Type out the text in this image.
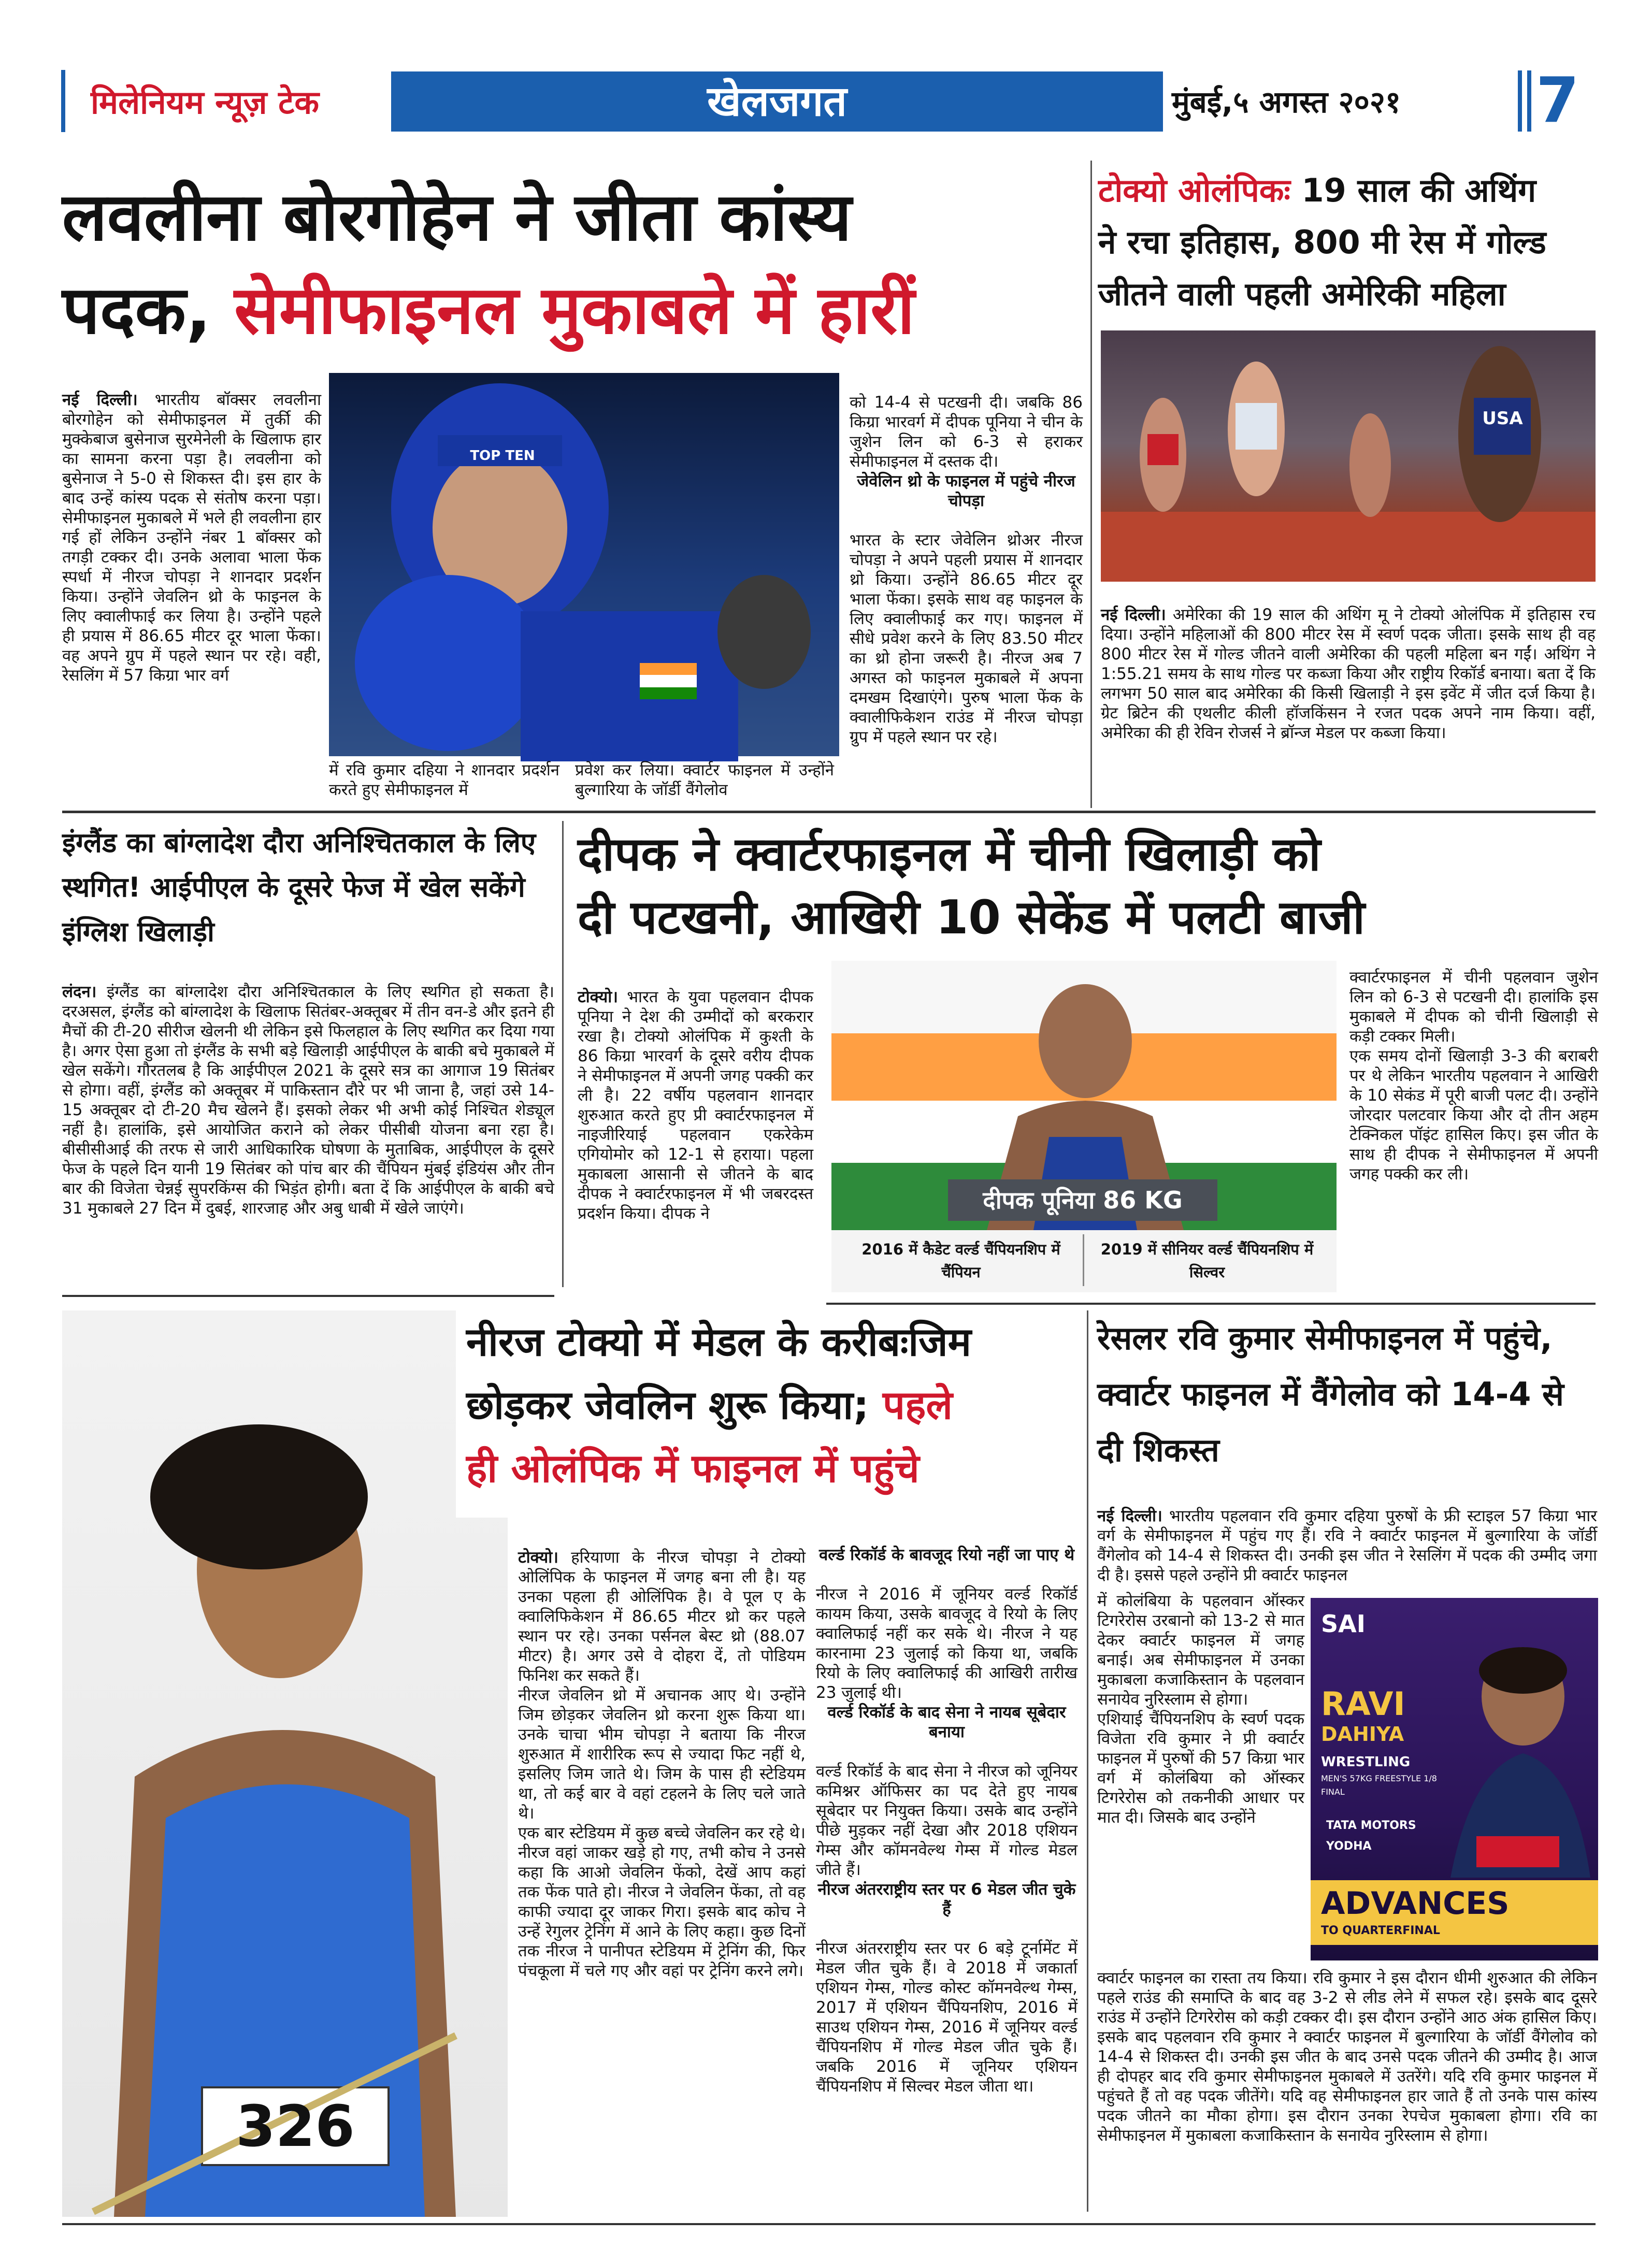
मिलेनियम न्यूज़ टेक	खेलजगत	मुंबई,५ अगस्त २०२१	7
लवलीना बोरगोहेन ने जीता कांस्य
पदक, सेमीफाइनल मुकाबले में हारीं

नई दिल्ली। भारतीय बॉक्सर लवलीना बोरगोहेन को सेमीफाइनल में तुर्की की मुक्केबाज बुसेनाज सुरमेनेली के खिलाफ हार का सामना करना पड़ा है। लवलीना को बुसेनाज ने 5-0 से शिकस्त दी। इस हार के बाद उन्हें कांस्य पदक से संतोष करना पड़ा। सेमीफाइनल मुकाबले में भले ही लवलीना हार गई हों लेकिन उन्होंने नंबर 1 बॉक्सर को तगड़ी टक्कर दी। उनके अलावा भाला फेंक स्पर्धा में नीरज चोपड़ा ने शानदार प्रदर्शन किया। उन्होंने जेवलिन थ्रो के फाइनल के लिए क्वालीफाई कर लिया है। उन्होंने पहले ही प्रयास में 86.65 मीटर दूर भाला फेंका। वह अपने ग्रुप में पहले स्थान पर रहे। वही, रेसलिंग में 57 किग्रा भार वर्ग

TOP TEN
में रवि कुमार दहिया ने शानदार प्रदर्शन करते हुए सेमीफाइनल में
प्रवेश कर लिया। क्वार्टर फाइनल में उन्होंने बुल्गारिया के जॉर्डी वैंगेलोव

को 14-4 से पटखनी दी। जबकि 86 किग्रा भारवर्ग में दीपक पूनिया ने चीन के जुशेन लिन को 6-3 से हराकर सेमीफाइनल में दस्तक दी।

जेवेलिन थ्रो के फाइनल में पहुंचे नीरज चोपड़ा

भारत के स्टार जेवेलिन थ्रोअर नीरज चोपड़ा ने अपने पहली प्रयास में शानदार थ्रो किया। उन्होंने 86.65 मीटर दूर भाला फेंका। इसके साथ वह फाइनल के लिए क्वालीफाई कर गए। फाइनल में सीधे प्रवेश करने के लिए 83.50 मीटर का थ्रो होना जरूरी है। नीरज अब 7 अगस्त को फाइनल मुकाबले में अपना दमखम दिखाएंगे। पुरुष भाला फेंक के क्वालीफिकेशन राउंड में नीरज चोपड़ा ग्रुप में पहले स्थान पर रहे।

टोक्यो ओलंपिकः 19 साल की अथिंग
ने रचा इतिहास, 800 मी रेस में गोल्ड
जीतने वाली पहली अमेरिकी महिला
USA

नई दिल्ली। अमेरिका की 19 साल की अथिंग मू ने टोक्यो ओलंपिक में इतिहास रच दिया। उन्होंने महिलाओं की 800 मीटर रेस में स्वर्ण पदक जीता। इसके साथ ही वह 800 मीटर रेस में गोल्ड जीतने वाली अमेरिका की पहली महिला बन गईं। अथिंग ने 1:55.21 समय के साथ गोल्ड पर कब्जा किया और राष्ट्रीय रिकॉर्ड बनाया। बता दें कि लगभग 50 साल बाद अमेरिका की किसी खिलाड़ी ने इस इवेंट में जीत दर्ज किया है। ग्रेट ब्रिटेन की एथलीट कीली हॉजकिंसन ने रजत पदक अपने नाम किया। वहीं, अमेरिका की ही रेविन रोजर्स ने ब्रॉन्ज मेडल पर कब्जा किया।

इंग्लैंड का बांग्लादेश दौरा अनिश्चितकाल के लिए स्थगित! आईपीएल के दूसरे फेज में खेल सकेंगे इंग्लिश खिलाड़ी

लंदन। इंग्लैंड का बांग्लादेश दौरा अनिश्चितकाल के लिए स्थगित हो सकता है। दरअसल, इंग्लैंड को बांग्लादेश के खिलाफ सितंबर-अक्तूबर में तीन वन-डे और इतने ही मैचों की टी-20 सीरीज खेलनी थी लेकिन इसे फिलहाल के लिए स्थगित कर दिया गया है। अगर ऐसा हुआ तो इंग्लैंड के सभी बड़े खिलाड़ी आईपीएल के बाकी बचे मुकाबले में खेल सकेंगे। गौरतलब है कि आईपीएल 2021 के दूसरे सत्र का आगाज 19 सितंबर से होगा। वहीं, इंग्लैंड को अक्तूबर में पाकिस्तान दौरे पर भी जाना है, जहां उसे 14-15 अक्तूबर दो टी-20 मैच खेलने हैं। इसको लेकर भी अभी कोई निश्चित शेड्यूल नहीं है। हालांकि, इसे आयोजित कराने को लेकर पीसीबी योजना बना रहा है। बीसीसीआई की तरफ से जारी आधिकारिक घोषणा के मुताबिक, आईपीएल के दूसरे फेज के पहले दिन यानी 19 सितंबर को पांच बार की चैंपियन मुंबई इंडियंस और तीन बार की विजेता चेन्नई सुपरकिंग्स की भिड़ंत होगी। बता दें कि आईपीएल के बाकी बचे 31 मुकाबले 27 दिन में दुबई, शारजाह और अबु धाबी में खेले जाएंगे।

दीपक ने क्वार्टरफाइनल में चीनी खिलाड़ी को
दी पटखनी, आखिरी 10 सेकेंड में पलटी बाजी

टोक्यो। भारत के युवा पहलवान दीपक पूनिया ने देश की उम्मीदों को बरकरार रखा है। टोक्यो ओलंपिक में कुश्ती के 86 किग्रा भारवर्ग के दूसरे वरीय दीपक ने सेमीफाइनल में अपनी जगह पक्की कर ली है। 22 वर्षीय पहलवान शानदार शुरुआत करते हुए प्री क्वार्टरफाइनल में नाइजीरियाई पहलवान एकरेकेम एगियोमोर को 12-1 से हराया। पहला मुकाबला आसानी से जीतने के बाद दीपक ने क्वार्टरफाइनल में भी जबरदस्त प्रदर्शन किया। दीपक ने	दीपक पूनिया 86 KG
2016 में कैडेट वर्ल्ड चैंपियनशिप में चैंपियन
2019 में सीनियर वर्ल्ड चैंपियनशिप में सिल्वर
क्वार्टरफाइनल में चीनी पहलवान जुशेन लिन को 6-3 से पटखनी दी। हालांकि इस मुकाबले में दीपक को चीनी खिलाड़ी से कड़ी टक्कर मिली।
एक समय दोनों खिलाड़ी 3-3 की बराबरी पर थे लेकिन भारतीय पहलवान ने आखिरी के 10 सेकंड में पूरी बाजी पलट दी। उन्होंने जोरदार पलटवार किया और दो तीन अहम टेक्निकल पॉइंट हासिल किए। इस जीत के साथ ही दीपक ने सेमीफाइनल में अपनी जगह पक्की कर ली।
326
नीरज टोक्यो में मेडल के करीबःजिम
छोड़कर जेवलिन शुरू किया; पहले
ही ओलंपिक में फाइनल में पहुंचे

टोक्यो। हरियाणा के नीरज चोपड़ा ने टोक्यो ओलिंपिक के फाइनल में जगह बना ली है। यह उनका पहला ही ओलिंपिक है। वे पूल ए के क्वालिफिकेशन में 86.65 मीटर थ्रो कर पहले स्थान पर रहे। उनका पर्सनल बेस्ट थ्रो (88.07 मीटर) है। अगर उसे वे दोहरा दें, तो पोडियम फिनिश कर सकते हैं।
नीरज जेवलिन थ्रो में अचानक आए थे। उन्होंने जिम छोड़कर जेवलिन थ्रो करना शुरू किया था। उनके चाचा भीम चोपड़ा ने बताया कि नीरज शुरुआत में शारीरिक रूप से ज्यादा फिट नहीं थे, इसलिए जिम जाते थे। जिम के पास ही स्टेडियम था, तो कई बार वे वहां टहलने के लिए चले जाते थे।
एक बार स्टेडियम में कुछ बच्चे जेवलिन कर रहे थे। नीरज वहां जाकर खड़े हो गए, तभी कोच ने उनसे कहा कि आओ जेवलिन फेंको, देखें आप कहां तक फेंक पाते हो। नीरज ने जेवलिन फेंका, तो वह काफी ज्यादा दूर जाकर गिरा। इसके बाद कोच ने उन्हें रेगुलर ट्रेनिंग में आने के लिए कहा। कुछ दिनों तक नीरज ने पानीपत स्टेडियम में ट्रेनिंग की, फिर पंचकूला में चले गए और वहां पर ट्रेनिंग करने लगे।

वर्ल्ड रिकॉर्ड के बावजूद रियो नहीं जा पाए थे

नीरज ने 2016 में जूनियर वर्ल्ड रिकॉर्ड कायम किया, उसके बावजूद वे रियो के लिए क्वालिफाई नहीं कर सके थे। नीरज ने यह कारनामा 23 जुलाई को किया था, जबकि रियो के लिए क्वालिफाई की आखिरी तारीख 23 जुलाई थी।

वर्ल्ड रिकॉर्ड के बाद सेना ने नायब सूबेदार बनाया

वर्ल्ड रिकॉर्ड के बाद सेना ने नीरज को जूनियर कमिश्नर ऑफिसर का पद देते हुए नायब सूबेदार पर नियुक्त किया। उसके बाद उन्होंने पीछे मुड़कर नहीं देखा और 2018 एशियन गेम्स और कॉमनवेल्थ गेम्स में गोल्ड मेडल जीते हैं।

नीरज अंतरराष्ट्रीय स्तर पर 6 मेडल जीत चुके हैं

नीरज अंतरराष्ट्रीय स्तर पर 6 बड़े टूर्नामेंट में मेडल जीत चुके हैं। वे 2018 में जकार्ता एशियन गेम्स, गोल्ड कोस्ट कॉमनवेल्थ गेम्स, 2017 में एशियन चैंपियनशिप, 2016 में साउथ एशियन गेम्स, 2016 में जूनियर वर्ल्ड चैंपियनशिप में गोल्ड मेडल जीत चुके हैं। जबकि 2016 में जूनियर एशियन चैंपियनशिप में सिल्वर मेडल जीता था।

रेसलर रवि कुमार सेमीफाइनल में पहुंचे, क्वार्टर फाइनल में वैंगेलोव को 14-4 से दी शिकस्त

नई दिल्ली। भारतीय पहलवान रवि कुमार दहिया पुरुषों के फ्री स्टाइल 57 किग्रा भार वर्ग के सेमीफाइनल में पहुंच गए हैं। रवि ने क्वार्टर फाइनल में बुल्गारिया के जॉर्डी वैंगेलोव को 14-4 से शिकस्त दी। उनकी इस जीत ने रेसलिंग में पदक की उम्मीद जगा दी है। इससे पहले उन्होंने प्री क्वार्टर फाइनल

में कोलंबिया के पहलवान ऑस्कर टिगरेरोस उरबानो को 13-2 से मात देकर क्वार्टर फाइनल में जगह बनाई। अब सेमीफाइनल में उनका मुकाबला कजाकिस्तान के पहलवान सनायेव नुरिस्लाम से होगा।
एशियाई चैंपियनशिप के स्वर्ण पदक विजेता रवि कुमार ने प्री क्वार्टर फाइनल में पुरुषों की 57 किग्रा भार वर्ग में कोलंबिया को ऑस्कर टिगरेरोस को तकनीकी आधार पर मात दी। जिसके बाद उन्होंने
SAI
RAVI
DAHIYA
WRESTLING
MEN'S 57KG FREESTYLE 1/8 FINAL
TATA MOTORS YODHA
ADVANCES
TO QUARTERFINAL
क्वार्टर फाइनल का रास्ता तय किया। रवि कुमार ने इस दौरान धीमी शुरुआत की लेकिन पहले राउंड की समाप्ति के बाद वह 3-2 से लीड लेने में सफल रहे। इसके बाद दूसरे राउंड में उन्होंने टिगरेरोस को कड़ी टक्कर दी। इस दौरान उन्होंने आठ अंक हासिल किए। इसके बाद पहलवान रवि कुमार ने क्वार्टर फाइनल में बुल्गारिया के जॉर्डी वैंगेलोव को 14-4 से शिकस्त दी। उनकी इस जीत के बाद उनसे पदक जीतने की उम्मीद है। आज ही दोपहर बाद रवि कुमार सेमीफाइनल मुकाबले में उतरेंगे। यदि रवि कुमार फाइनल में पहुंचते हैं तो वह पदक जीतेंगे। यदि वह सेमीफाइनल हार जाते हैं तो उनके पास कांस्य पदक जीतने का मौका होगा। इस दौरान उनका रेपचेज मुकाबला होगा। रवि का सेमीफाइनल में मुकाबला कजाकिस्तान के सनायेव नुरिस्लाम से होगा।
